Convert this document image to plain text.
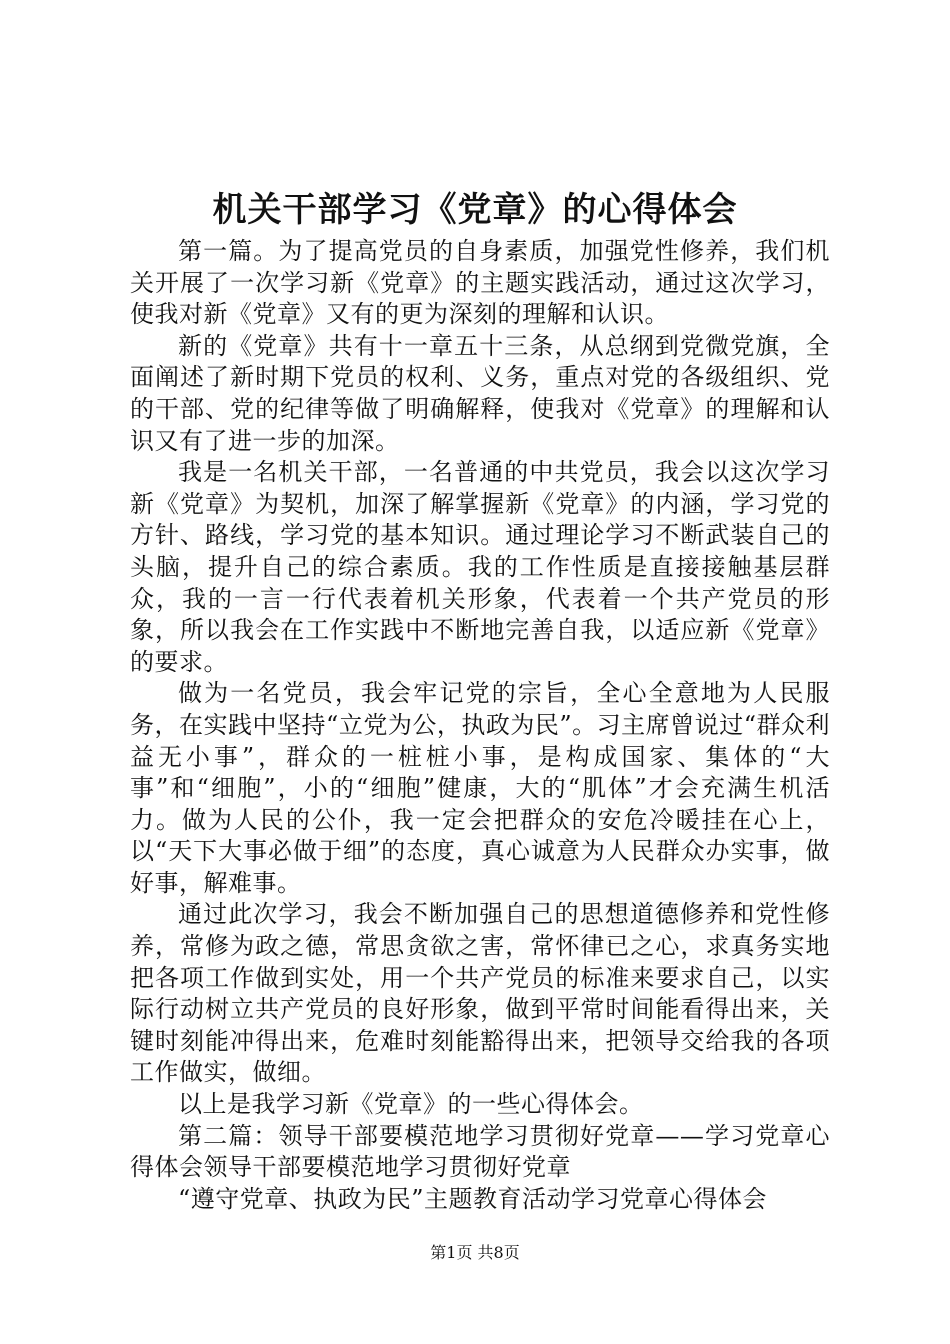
机关干部学习《党章》的心得体会

第一篇。为了提高党员的自身素质，加强党性修养，我们机关开展了一次学习新《党章》的主题实践活动，通过这次学习，使我对新《党章》又有的更为深刻的理解和认识。

新的《党章》共有十一章五十三条，从总纲到党微党旗，全面阐述了新时期下党员的权利、义务，重点对党的各级组织、党的干部、党的纪律等做了明确解释，使我对《党章》的理解和认识又有了进一步的加深。

我是一名机关干部，一名普通的中共党员，我会以这次学习新《党章》为契机，加深了解掌握新《党章》的内涵，学习党的方针、路线，学习党的基本知识。通过理论学习不断武装自己的头脑，提升自己的综合素质。我的工作性质是直接接触基层群众，我的一言一行代表着机关形象，代表着一个共产党员的形象，所以我会在工作实践中不断地完善自我，以适应新《党章》的要求。

做为一名党员，我会牢记党的宗旨，全心全意地为人民服务，在实践中坚持“立党为公，执政为民”。习主席曾说过“群众利益无小事”，群众的一桩桩小事，是构成国家、集体的“大事”和“细胞”，小的“细胞”健康，大的“肌体”才会充满生机活力。做为人民的公仆，我一定会把群众的安危冷暖挂在心上，以“天下大事必做于细”的态度，真心诚意为人民群众办实事，做好事，解难事。

通过此次学习，我会不断加强自己的思想道德修养和党性修养，常修为政之德，常思贪欲之害，常怀律已之心，求真务实地把各项工作做到实处，用一个共产党员的标准来要求自己，以实际行动树立共产党员的良好形象，做到平常时间能看得出来，关键时刻能冲得出来，危难时刻能豁得出来，把领导交给我的各项工作做实，做细。

以上是我学习新《党章》的一些心得体会。

第二篇：领导干部要模范地学习贯彻好党章——学习党章心得体会领导干部要模范地学习贯彻好党章

“遵守党章、执政为民”主题教育活动学习党章心得体会

第1页 共8页
